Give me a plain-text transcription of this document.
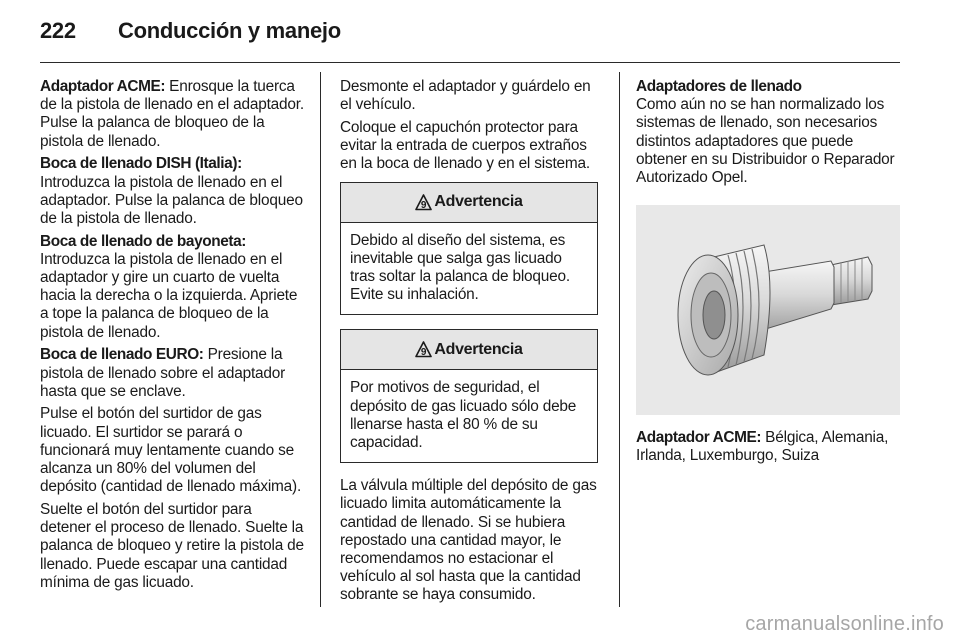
222 Conducción y manejo

Adaptador ACME: Enrosque la tuerca de la pistola de llenado en el adaptador. Pulse la palanca de bloqueo de la pistola de llenado.

Boca de llenado DISH (Italia): Introduzca la pistola de llenado en el adaptador. Pulse la palanca de bloqueo de la pistola de llenado.

Boca de llenado de bayoneta: Introduzca la pistola de llenado en el adaptador y gire un cuarto de vuelta hacia la derecha o la izquierda. Apriete a tope la palanca de bloqueo de la pistola de llenado.

Boca de llenado EURO: Presione la pistola de llenado sobre el adaptador hasta que se enclave.

Pulse el botón del surtidor de gas licuado. El surtidor se parará o funcionará muy lentamente cuando se alcanza un 80% del volumen del depósito (cantidad de llenado máxima).

Suelte el botón del surtidor para detener el proceso de llenado. Suelte la palanca de bloqueo y retire la pistola de llenado. Puede escapar una cantidad mínima de gas licuado.

Desmonte el adaptador y guárdelo en el vehículo.

Coloque el capuchón protector para evitar la entrada de cuerpos extraños en la boca de llenado y en el sistema.

9 Advertencia
Debido al diseño del sistema, es inevitable que salga gas licuado tras soltar la palanca de bloqueo. Evite su inhalación.
9 Advertencia
Por motivos de seguridad, el depósito de gas licuado sólo debe llenarse hasta el 80 % de su capacidad.

La válvula múltiple del depósito de gas licuado limita automáticamente la cantidad de llenado. Si se hubiera repostado una cantidad mayor, le recomendamos no estacionar el vehículo al sol hasta que la cantidad sobrante se haya consumido.

Adaptadores de llenado

Como aún no se han normalizado los sistemas de llenado, son necesarios distintos adaptadores que puede obtener en su Distribuidor o Reparador Autorizado Opel.

Adaptador ACME: Bélgica, Alemania, Irlanda, Luxemburgo, Suiza

carmanualsonline.info
